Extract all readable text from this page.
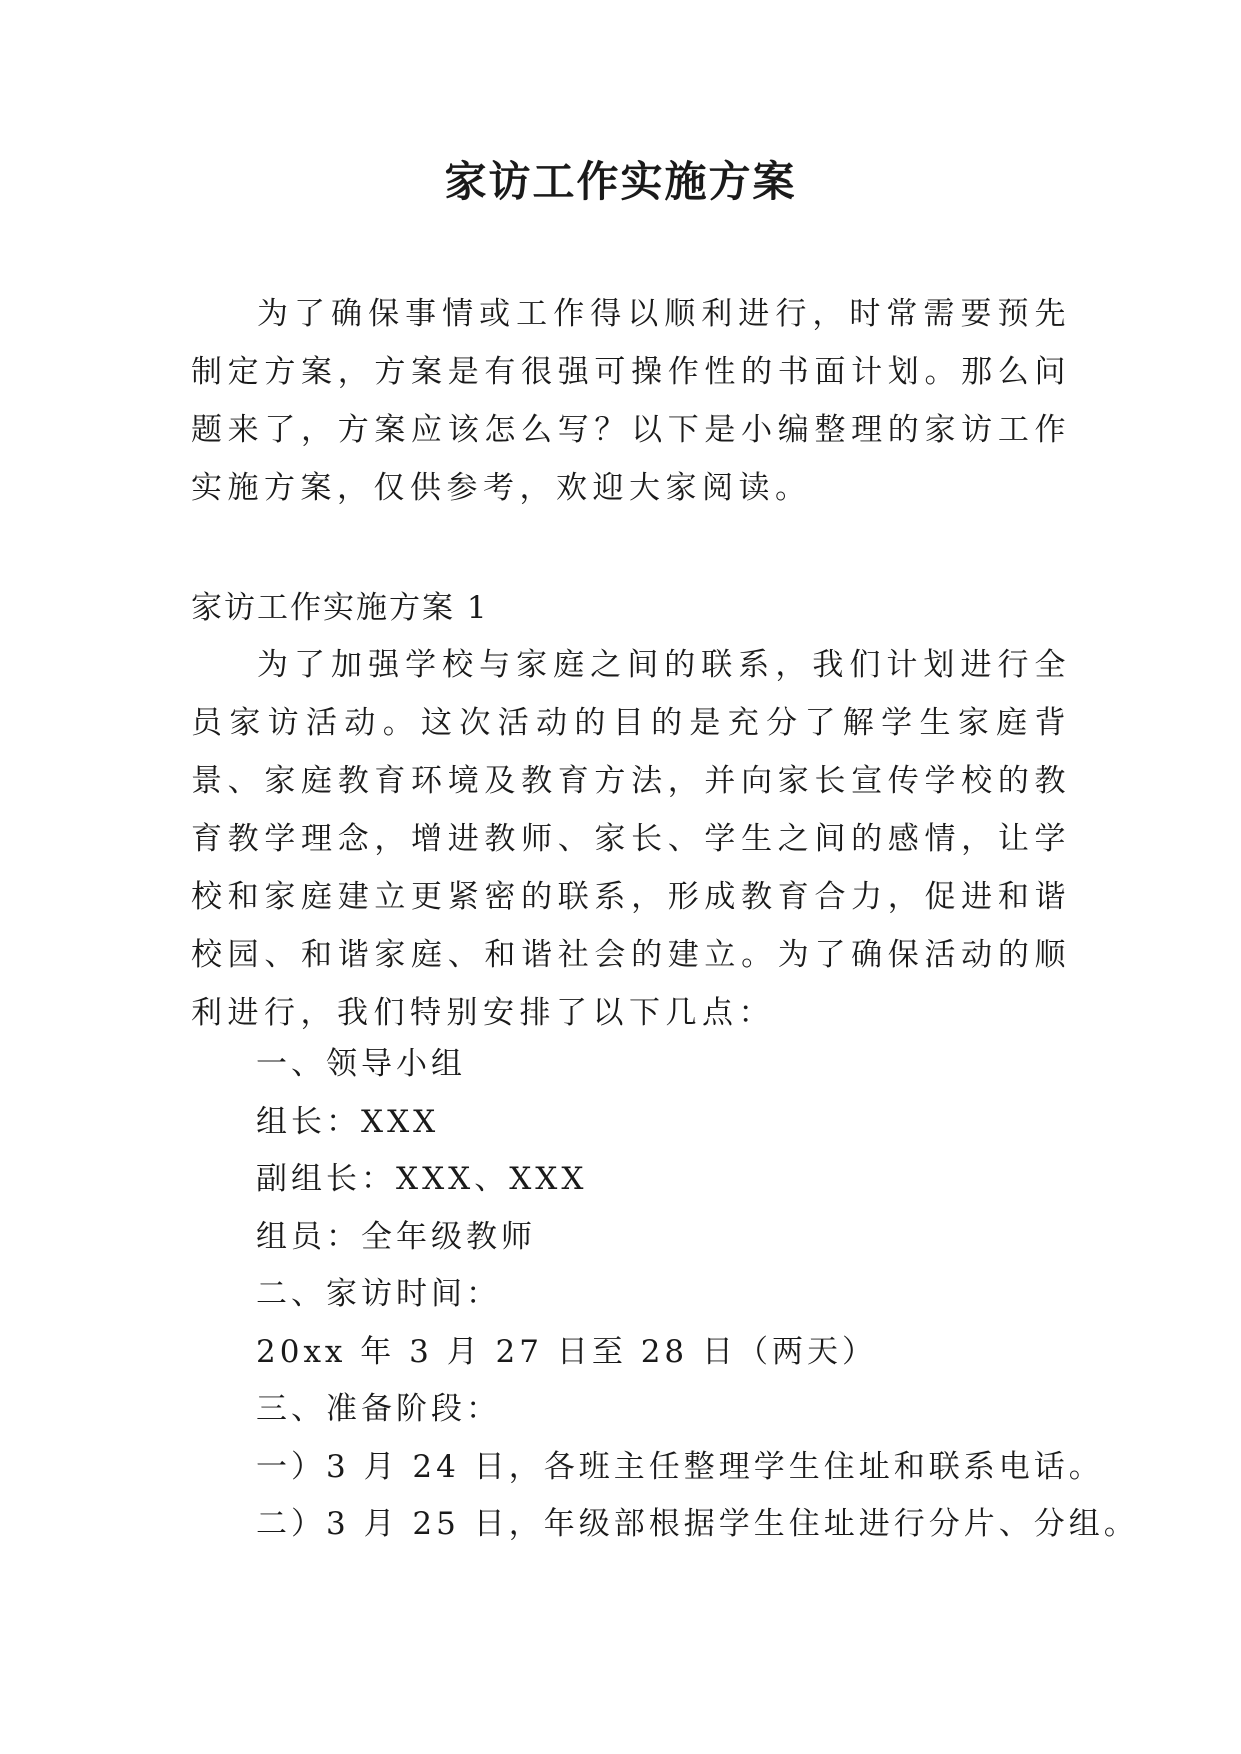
家访工作实施方案

为了确保事情或工作得以顺利进行，时常需要预先制定方案，方案是有很强可操作性的书面计划。那么问题来了，方案应该怎么写？以下是小编整理的家访工作实施方案，仅供参考，欢迎大家阅读。

家访工作实施方案 1

为了加强学校与家庭之间的联系，我们计划进行全员家访活动。这次活动的目的是充分了解学生家庭背景、家庭教育环境及教育方法，并向家长宣传学校的教育教学理念，增进教师、家长、学生之间的感情，让学校和家庭建立更紧密的联系，形成教育合力，促进和谐校园、和谐家庭、和谐社会的建立。为了确保活动的顺利进行，我们特别安排了以下几点：

一、领导小组
组长：XXX
副组长：XXX、XXX
组员：全年级教师
二、家访时间：
20xx 年 3 月 27 日至 28 日（两天）
三、准备阶段：
一）3 月 24 日，各班主任整理学生住址和联系电话。
二）3 月 25 日，年级部根据学生住址进行分片、分组。
